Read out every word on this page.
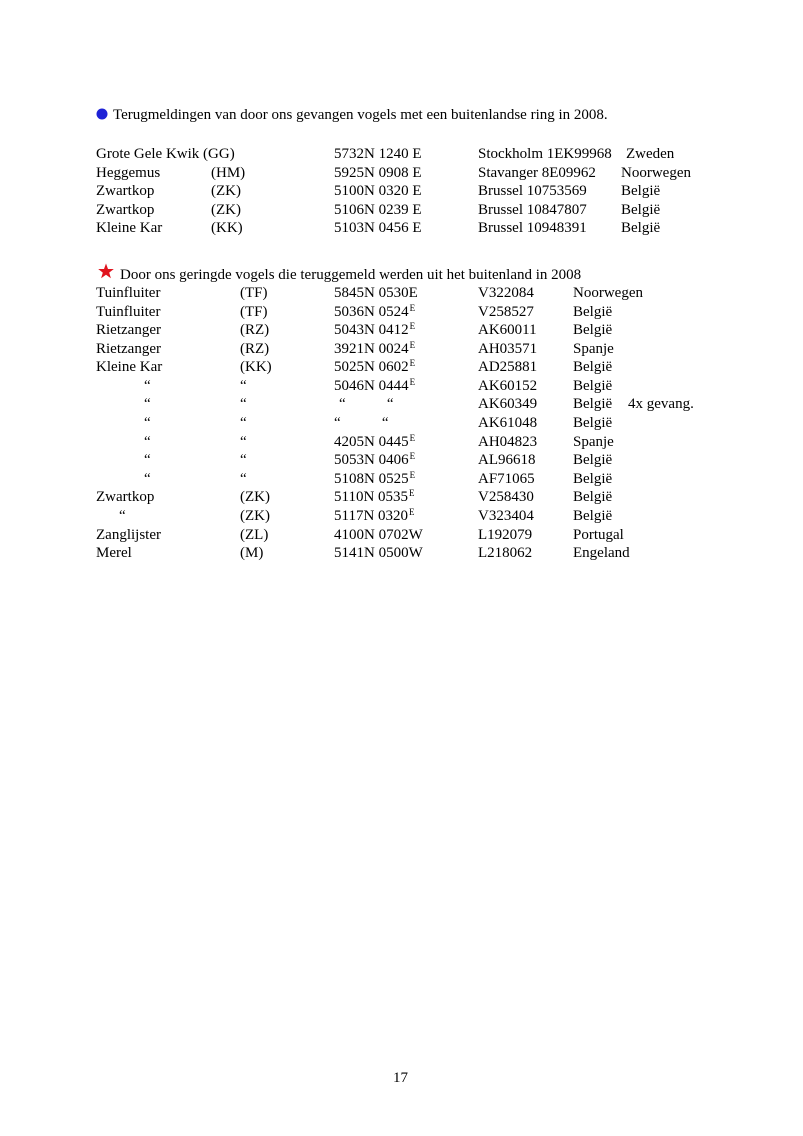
Terugmeldingen van door ons gevangen vogels met een buitenlandse ring in 2008.
Grote Gele Kwik (GG)	5732N 1240 E	Stockholm 1EK99968 Zweden
Heggemus	(HM)	5925N 0908 E	Stavanger 8E09962 Noorwegen
Zwartkop	(ZK)	5100N 0320 E	Brussel 10753569 België
Zwartkop	(ZK)	5106N 0239 E	Brussel 10847807 België
Kleine Kar	(KK)	5103N 0456 E	Brussel 10948391 België
Door ons geringde vogels die teruggemeld werden uit het buitenland in 2008
Tuinfluiter	(TF)	5845N 0530E	V322084	Noorwegen
Tuinfluiter	(TF)	5036N $0524^E$	V258527	België
Rietzanger	(RZ)	5043N $0412^E$	AK60011 België
Rietzanger	(RZ)	3921N $0024^E$	AH03571 Spanje
Kleine Kar	(KK)	5025N $0602^E$	AD25881 België
“	“	5046N $0444^E$	AK60152 België
“	“	“           “	AK60349 België 4x gevang.
“	“	“           “	AK61048 België
“	“	4205N $0445^E$	AH04823 Spanje
“	“	5053N $0406^E$	AL96618	België
“	“	5108N $0525^E$	AF71065	België
Zwartkop	(ZK)	5110N $0535^E$	V258430	België
“	(ZK)	5117N $0320^E$	V323404	België
Zanglijster	(ZL)	4100N 0702W	L192079	Portugal
Merel	(M)	5141N 0500W	L218062	Engeland
17
